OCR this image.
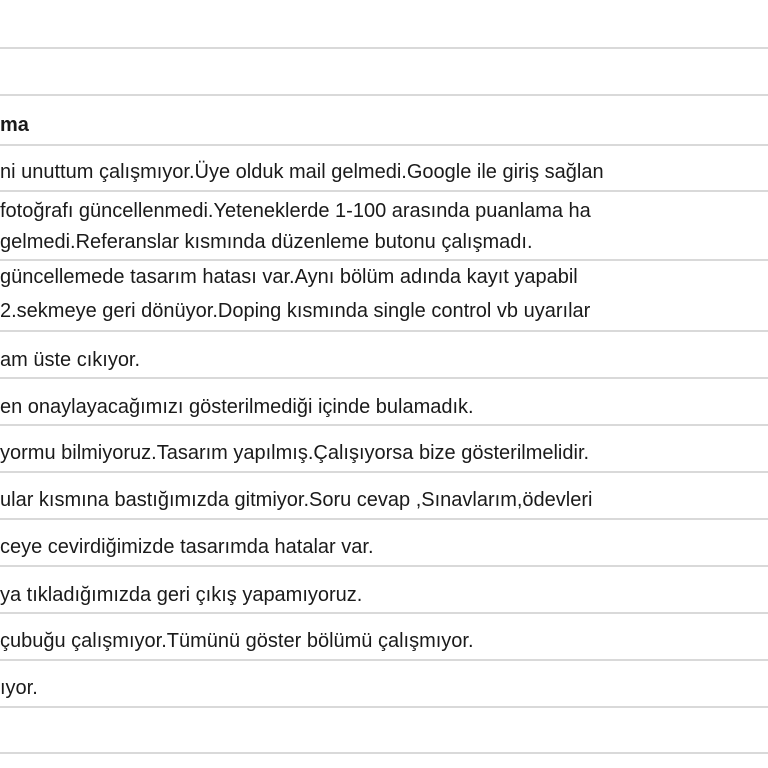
ma
ni unuttum çalışmıyor.Üye olduk mail gelmedi.Google ile giriş sağlan
fotoğrafı güncellenmedi.Yeteneklerde 1-100 arasında puanlama ha
gelmedi.Referanslar kısmında düzenleme butonu çalışmadı.
güncellemede tasarım hatası var.Aynı bölüm adında kayıt yapabil
2.sekmeye geri dönüyor.Doping kısmında single control vb uyarılar
am üste cıkıyor.
en onaylayacağımızı gösterilmediği içinde bulamadık.
yormu bilmiyoruz.Tasarım yapılmış.Çalışıyorsa bize gösterilmelidir.
ular kısmına bastığımızda gitmiyor.Soru cevap ,Sınavlarım,ödevleri
ceye cevirdiğimizde tasarımda hatalar var.
ya tıkladığımızda geri çıkış yapamıyoruz.
çubuğu çalışmıyor.Tümünü göster bölümü çalışmıyor.
ıyor.
